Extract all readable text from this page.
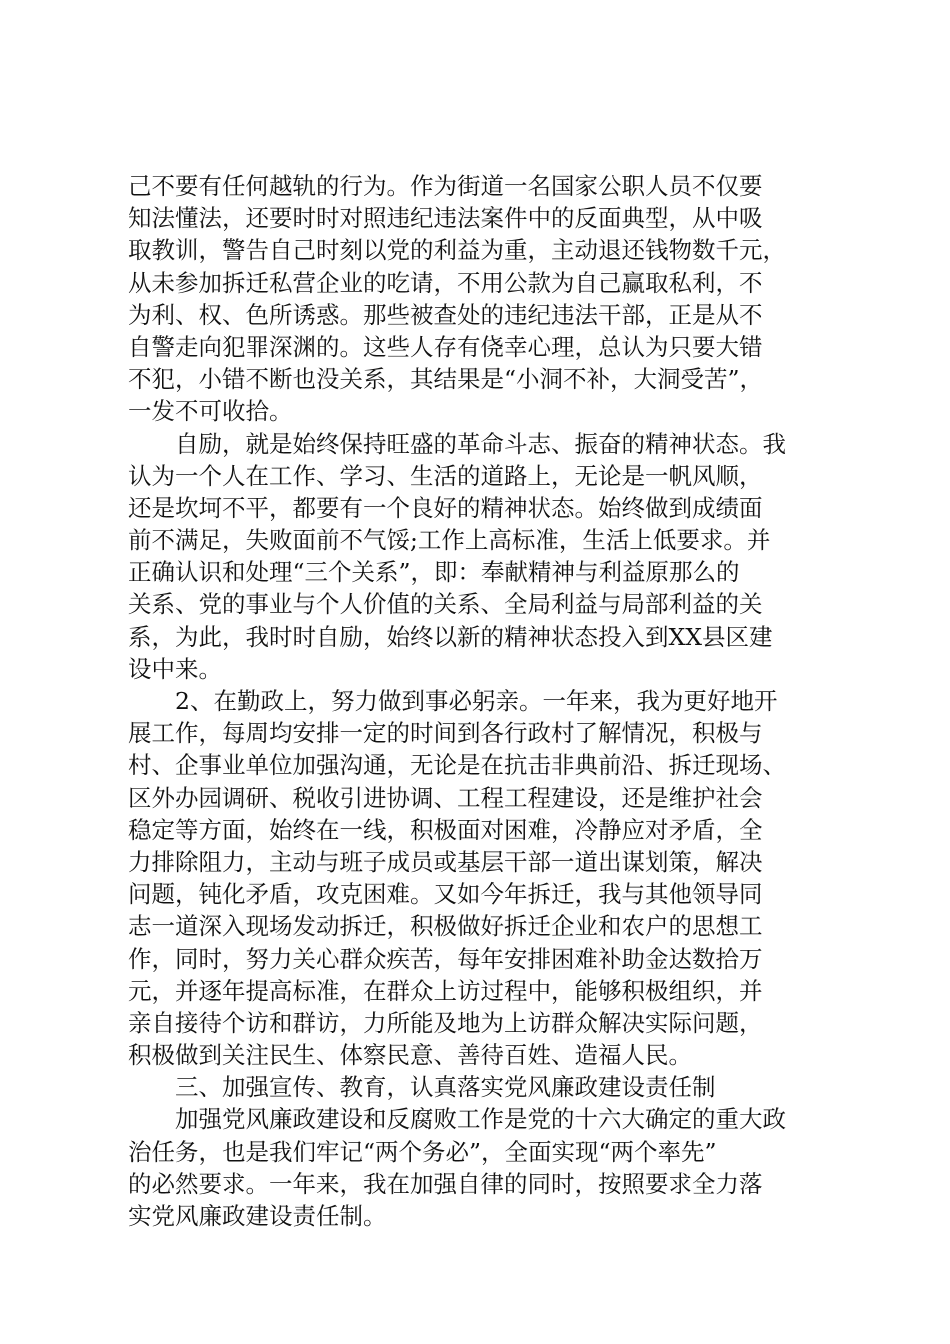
己不要有任何越轨的行为。作为街道一名国家公职人员不仅要
知法懂法，还要时时对照违纪违法案件中的反面典型，从中吸
取教训，警告自己时刻以党的利益为重，主动退还钱物数千元，
从未参加拆迁私营企业的吃请，不用公款为自己赢取私利，不
为利、权、色所诱惑。那些被查处的违纪违法干部，正是从不
自警走向犯罪深渊的。这些人存有侥幸心理，总认为只要大错
不犯，小错不断也没关系，其结果是“小洞不补，大洞受苦”，
一发不可收拾。
　　自励，就是始终保持旺盛的革命斗志、振奋的精神状态。我
认为一个人在工作、学习、生活的道路上，无论是一帆风顺，
还是坎坷不平，都要有一个良好的精神状态。始终做到成绩面
前不满足，失败面前不气馁;工作上高标准，生活上低要求。并
正确认识和处理“三个关系”，即：奉献精神与利益原那么的
关系、党的事业与个人价值的关系、全局利益与局部利益的关
系，为此，我时时自励，始终以新的精神状态投入到XX县区建
设中来。
　　2、在勤政上，努力做到事必躬亲。一年来，我为更好地开
展工作，每周均安排一定的时间到各行政村了解情况，积极与
村、企事业单位加强沟通，无论是在抗击非典前沿、拆迁现场、
区外办园调研、税收引进协调、工程工程建设，还是维护社会
稳定等方面，始终在一线，积极面对困难，冷静应对矛盾，全
力排除阻力，主动与班子成员或基层干部一道出谋划策，解决
问题，钝化矛盾，攻克困难。又如今年拆迁，我与其他领导同
志一道深入现场发动拆迁，积极做好拆迁企业和农户的思想工
作，同时，努力关心群众疾苦，每年安排困难补助金达数拾万
元，并逐年提高标准，在群众上访过程中，能够积极组织，并
亲自接待个访和群访，力所能及地为上访群众解决实际问题，
积极做到关注民生、体察民意、善待百姓、造福人民。
　　三、加强宣传、教育，认真落实党风廉政建设责任制
　　加强党风廉政建设和反腐败工作是党的十六大确定的重大政
治任务，也是我们牢记“两个务必”，全面实现“两个率先”
的必然要求。一年来，我在加强自律的同时，按照要求全力落
实党风廉政建设责任制。
